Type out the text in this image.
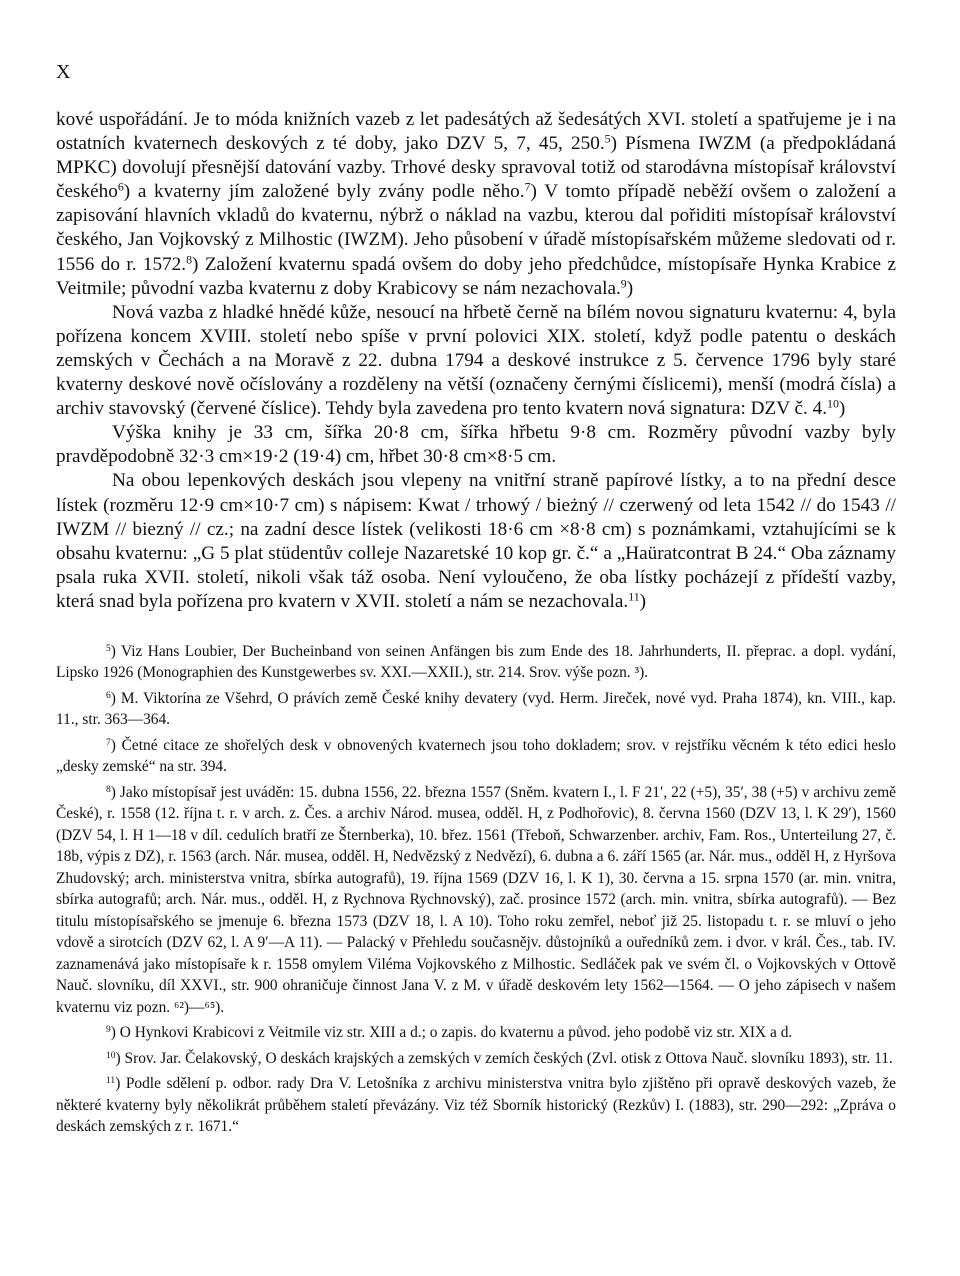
X

kové uspořádání. Je to móda knižních vazeb z let padesátých až šedesátých XVI. století a spatřujeme je i na ostatních kvaternech deskových z té doby, jako DZV 5, 7, 45, 250.$^5$) Písmena IWZM (a předpokládaná MPKC) dovolují přesnější datování vazby. Trhové desky spravoval totiž od starodávna místopísař království českého$^6$) a kvaterny jím založené byly zvány podle něho.$^7$) V tomto případě neběží ovšem o založení a zapisování hlavních vkladů do kvaternu, nýbrž o náklad na vazbu, kterou dal pořiditi místopísař království českého, Jan Vojkovský z Milhostic (IWZM). Jeho působení v úřadě místopísařském můžeme sledovati od r. 1556 do r. 1572.$^8$) Založení kvaternu spadá ovšem do doby jeho předchůdce, místopísaře Hynka Krabice z Veitmile; původní vazba kvaternu z doby Krabicovy se nám nezachovala.$^9$)

Nová vazba z hladké hnědé kůže, nesoucí na hřbetě černě na bílém novou signaturu kvaternu: 4, byla pořízena koncem XVIII. století nebo spíše v první polovici XIX. století, když podle patentu o deskách zemských v Čechách a na Moravě z 22. dubna 1794 a deskové instrukce z 5. července 1796 byly staré kvaterny deskové nově očíslovány a rozděleny na větší (označeny černými číslicemi), menší (modrá čísla) a archiv stavovský (červené číslice). Tehdy byla zavedena pro tento kvatern nová signatura: DZV č. 4.10)

Výška knihy je 33 cm, šířka 20·8 cm, šířka hřbetu 9·8 cm. Rozměry původní vazby byly pravděpodobně 32·3 cm×19·2 (19·4) cm, hřbet 30·8 cm×8·5 cm.

Na obou lepenkových deskách jsou vlepeny na vnitřní straně papírové lístky, a to na přední desce lístek (rozměru 12·9 cm×10·7 cm) s nápisem: Kwat / trhowý / bieżný // czerwený od leta 1542 // do 1543 // IWZM // biezný // cz.; na zadní desce lístek (velikosti 18·6 cm ×8·8 cm) s poznámkami, vztahujícími se k obsahu kvaternu: „G 5 plat stüdentův colleje Nazaretské 10 kop gr. č.“ a „Haüratcontrat B 24.“ Oba záznamy psala ruka XVII. století, nikoli však táž osoba. Není vyloučeno, že oba lístky pocházejí z přídeští vazby, která snad byla pořízena pro kvatern v XVII. století a nám se nezachovala.$^{11}$)

$^5$) Viz Hans Loubier, Der Bucheinband von seinen Anfängen bis zum Ende des 18. Jahrhunderts, II. přeprac. a dopl. vydání, Lipsko 1926 (Monographien des Kunstgewerbes sv. XXI.—XXII.), str. 214. Srov. výše pozn. ³).

$^6$) M. Viktorína ze Všehrd, O právích země České knihy devatery (vyd. Herm. Jireček, nové vyd. Praha 1874), kn. VIII., kap. 11., str. 363—364.

$^7$) Četné citace ze shořelých desk v obnovených kvaternech jsou toho dokladem; srov. v rejstříku věcném k této edici heslo „desky zemské“ na str. 394.

$^8$) Jako místopísař jest uváděn: 15. dubna 1556, 22. března 1557 (Sněm. kvatern I., l. F 21′, 22 (+5), 35′, 38 (+5) v archivu země České), r. 1558 (12. října t. r. v arch. z. Čes. a archiv Národ. musea, odděl. H, z Podhořovic), 8. června 1560 (DZV 13, l. K 29′), 1560 (DZV 54, l. H 1—18 v díl. cedulích bratří ze Šternberka), 10. břez. 1561 (Třeboň, Schwarzenber. archiv, Fam. Ros., Unterteilung 27, č. 18b, výpis z DZ), r. 1563 (arch. Nár. musea, odděl. H, Nedvězský z Nedvězí), 6. dubna a 6. září 1565 (ar. Nár. mus., odděl H, z Hyršova Zhudovský; arch. ministerstva vnitra, sbírka autografů), 19. října 1569 (DZV 16, l. K 1), 30. června a 15. srpna 1570 (ar. min. vnitra, sbírka autografů; arch. Nár. mus., odděl. H, z Rychnova Rychnovský), zač. prosince 1572 (arch. min. vnitra, sbírka autografů). — Bez titulu místopísařského se jmenuje 6. března 1573 (DZV 18, l. A 10). Toho roku zemřel, neboť již 25. listopadu t. r. se mluví o jeho vdově a sirotcích (DZV 62, l. A 9′—A 11). — Palacký v Přehledu současnějv. důstojníků a ouředníků zem. i dvor. v král. Čes., tab. IV. zaznamenává jako místopísaře k r. 1558 omylem Viléma Vojkovského z Milhostic. Sedláček pak ve svém čl. o Vojkovských v Ottově Nauč. slovníku, díl XXVI., str. 900 ohraničuje činnost Jana V. z M. v úřadě deskovém lety 1562—1564. — O jeho zápisech v našem kvaternu viz pozn. ⁶²)—⁶⁵).

$^9$) O Hynkovi Krabicovi z Veitmile viz str. XIII a d.; o zapis. do kvaternu a původ. jeho podobě viz str. XIX a d.

$^{10}$) Srov. Jar. Čelakovský, O deskách krajských a zemských v zemích českých (Zvl. otisk z Ottova Nauč. slovníku 1893), str. 11.

$^{11}$) Podle sdělení p. odbor. rady Dra V. Letošníka z archivu ministerstva vnitra bylo zjištěno při opravě deskových vazeb, že některé kvaterny byly několikrát průběhem staletí převázány. Viz též Sborník historický (Rezkův) I. (1883), str. 290—292: „Zpráva o deskách zemských z r. 1671.“
